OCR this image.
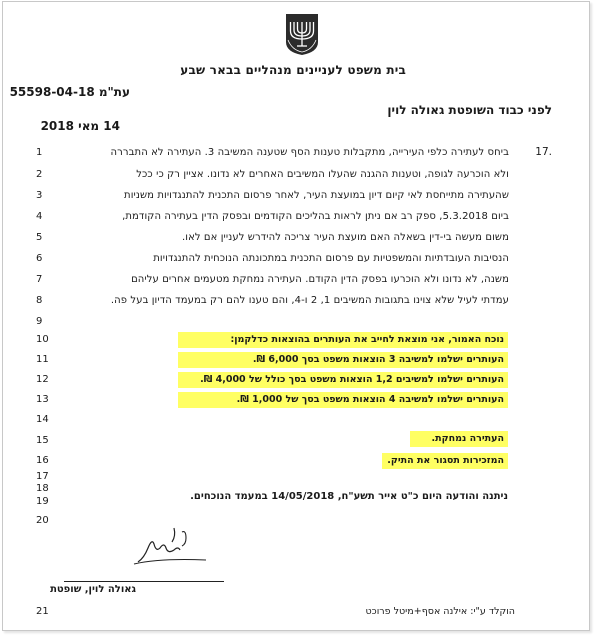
בית משפט לעניינים מנהליים בבאר שבע
עת"מ 55598-04-18
לפני כבוד השופטת גאולה לוין
14 מאי 2018
1
2
3
4
5
6
7
8
9
10
11
12
13
14
15
16
17
18
19
20
21
17.
ביחס לעתירה כלפי העירייה, מתקבלות טענות הסף שטענה המשיבה 3. העתירה לא התבררה
ולא הוכרעה לגופה, וטענות ההגנה שהעלו המשיבים האחרים לא נדונו. אציין רק כי ככל
שהעתירה מתייחסת לאי קיום דיון במועצת העיר, לאחר פרסום התכנית להתנגדויות משניות
ביום 5.3.2018, ספק רב אם ניתן לראות בהליכים הקודמים ובפסק הדין בעתירה הקודמת,
משום מעשה בי-דין בשאלה האם מועצת העיר צריכה להידרש לעניין אם לאו.
הנסיבות העובדתיות והמשפטיות עם פרסום התכנית במתכונתה הנוכחית להתנגדויות
משנה, לא נדונו ולא הוכרעו בפסק הדין הקודם. העתירה נמחקת מטעמים אחרים עליהם
עמדתי לעיל שלא צוינו בתגובות המשיבים 1, 2 ו-4, והם טענו להם רק במעמד הדיון בעל פה.
נוכח האמור, אני מוצאת לחייב את העותרים בהוצאות כדלקמן:
העותרים ישלמו למשיבה 3 הוצאות משפט בסך 6,000 ₪.
העותרים ישלמו למשיבים 1,2 הוצאות משפט בסך כולל של 4,000 ₪.
העותרים ישלמו למשיבה 4 הוצאות משפט בסך של 1,000 ₪.
העתירה נמחקת.
המזכירות תסגור את התיק.
ניתנה והודעה היום כ"ט אייר תשע"ח, 14/05/2018 במעמד הנוכחים.
גאולה לוין, שופטת
הוקלד ע"י: אילנה אסף+מיטל פרוכט
